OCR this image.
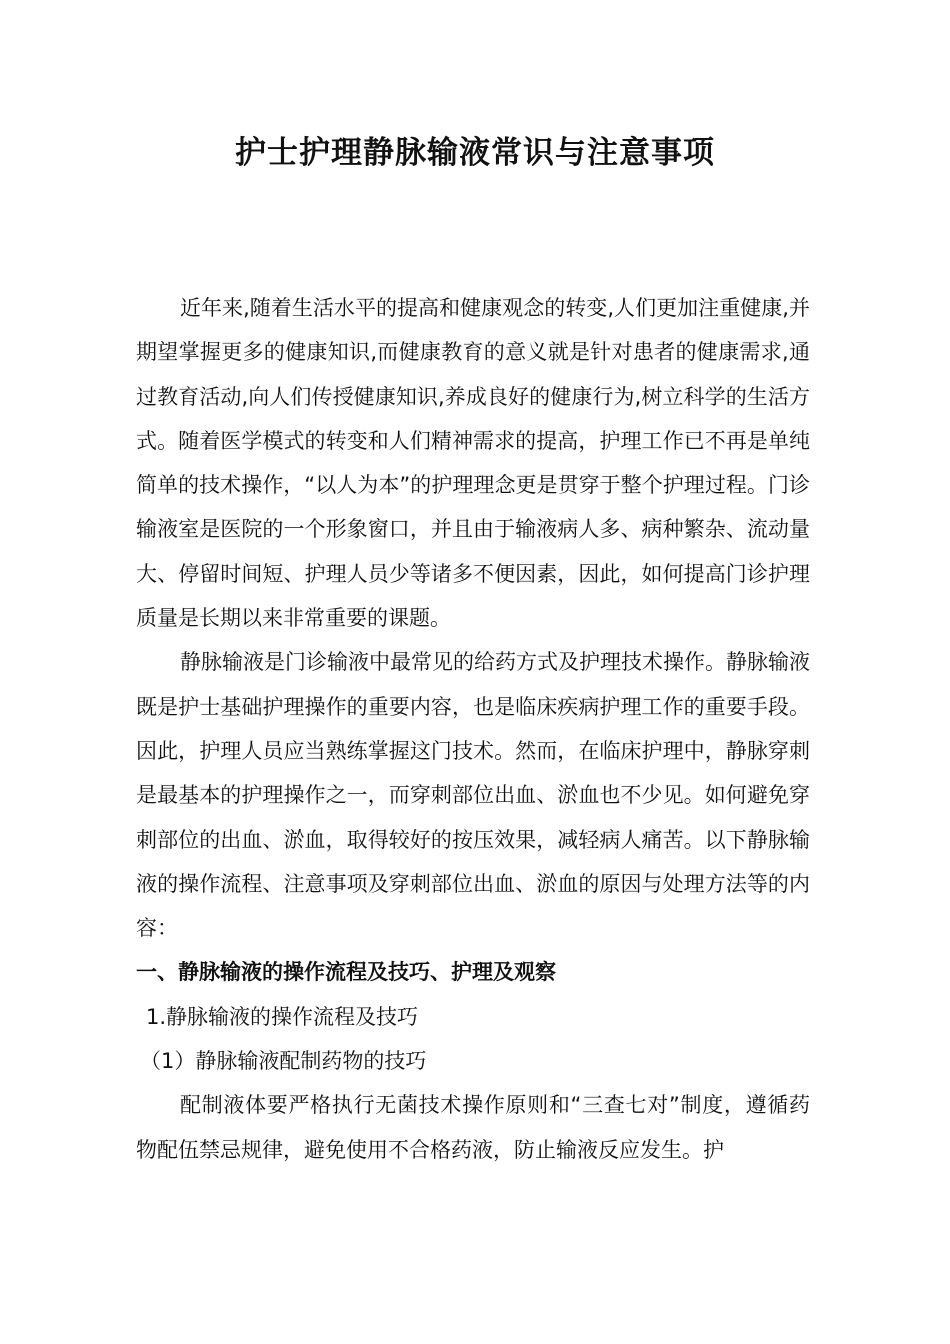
护士护理静脉输液常识与注意事项

近年来,随着生活水平的提高和健康观念的转变,人们更加注重健康,并期望掌握更多的健康知识,而健康教育的意义就是针对患者的健康需求,通过教育活动,向人们传授健康知识,养成良好的健康行为,树立科学的生活方式。随着医学模式的转变和人们精神需求的提高，护理工作已不再是单纯简单的技术操作，“以人为本”的护理理念更是贯穿于整个护理过程。门诊输液室是医院的一个形象窗口，并且由于输液病人多、病种繁杂、流动量大、停留时间短、护理人员少等诸多不便因素，因此，如何提高门诊护理质量是长期以来非常重要的课题。

静脉输液是门诊输液中最常见的给药方式及护理技术操作。静脉输液既是护士基础护理操作的重要内容，也是临床疾病护理工作的重要手段。因此，护理人员应当熟练掌握这门技术。然而，在临床护理中，静脉穿刺是最基本的护理操作之一，而穿刺部位出血、淤血也不少见。如何避免穿刺部位的出血、淤血，取得较好的按压效果，减轻病人痛苦。以下静脉输液的操作流程、注意事项及穿刺部位出血、淤血的原因与处理方法等的内容：

一、静脉输液的操作流程及技巧、护理及观察

1.静脉输液的操作流程及技巧

（1）静脉输液配制药物的技巧

配制液体要严格执行无菌技术操作原则和“三查七对”制度，遵循药物配伍禁忌规律，避免使用不合格药液，防止输液反应发生。护
